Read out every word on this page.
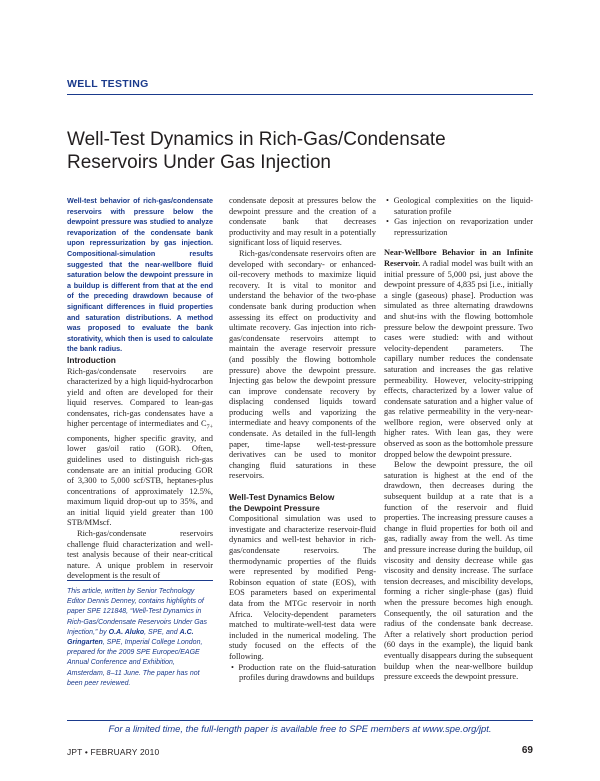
WELL TESTING
Well-Test Dynamics in Rich-Gas/Condensate
Reservoirs Under Gas Injection

Well-test behavior of rich-gas/condensate reservoirs with pressure below the dewpoint pressure was studied to analyze revaporization of the condensate bank upon repressurization by gas injection. Compositional-simulation results suggested that the near-wellbore fluid saturation below the dewpoint pressure in a buildup is different from that at the end of the preceding drawdown because of significant differences in fluid properties and saturation distributions. A method was proposed to evaluate the bank storativity, which then is used to calculate the bank radius.

Introduction

Rich-gas/condensate reservoirs are characterized by a high liquid-hydrocarbon yield and often are developed for their liquid reserves. Compared to lean-gas condensates, rich-gas condensates have a higher percentage of intermediates and $C_{7+}$ components, higher specific gravity, and lower gas/oil ratio (GOR). Often, guidelines used to distinguish rich-gas condensate are an initial producing GOR of 3,300 to 5,000 scf/STB, heptanes-plus concentrations of approximately 12.5%, maximum liquid drop-out up to 35%, and an initial liquid yield greater than 100 STB/MMscf.

Rich-gas/condensate reservoirs challenge fluid characterization and well-test analysis because of their near-critical nature. A unique problem in reservoir development is the result of

This article, written by Senior Technology Editor Dennis Denney, contains highlights of paper SPE 121848, “Well-Test Dynamics in Rich-Gas/Condensate Reservoirs Under Gas Injection,” by O.A. Aluko, SPE, and A.C. Gringarten, SPE, Imperial College London, prepared for the 2009 SPE Europec/EAGE Annual Conference and Exhibition, Amsterdam, 8–11 June. The paper has not been peer reviewed.

condensate deposit at pressures below the dewpoint pressure and the creation of a condensate bank that decreases productivity and may result in a potentially significant loss of liquid reserves.

Rich-gas/condensate reservoirs often are developed with secondary- or enhanced-oil-recovery methods to maximize liquid recovery. It is vital to monitor and understand the behavior of the two-phase condensate bank during production when assessing its effect on productivity and ultimate recovery. Gas injection into rich-gas/condensate reservoirs attempt to maintain the average reservoir pressure (and possibly the flowing bottomhole pressure) above the dewpoint pressure. Injecting gas below the dewpoint pressure can improve condensate recovery by displacing condensed liquids toward producing wells and vaporizing the intermediate and heavy components of the condensate. As detailed in the full-length paper, time-lapse well-test-pressure derivatives can be used to monitor changing fluid saturations in these reservoirs.

Well-Test Dynamics Below
the Dewpoint Pressure

Compositional simulation was used to investigate and characterize reservoir-fluid dynamics and well-test behavior in rich-gas/condensate reservoirs. The thermodynamic properties of the fluids were represented by modified Peng-Robinson equation of state (EOS), with EOS parameters based on experimental data from the MTGc reservoir in north Africa. Velocity-dependent parameters matched to multirate-well-test data were included in the numerical modeling. The study focused on the effects of the following.

• Production rate on the fluid-saturation profiles during drawdowns and buildups

• Geological complexities on the liquid-saturation profile

• Gas injection on revaporization under repressurization

Near-Wellbore Behavior in an Infinite Reservoir. A radial model was built with an initial pressure of 5,000 psi, just above the dewpoint pressure of 4,835 psi [i.e., initially a single (gaseous) phase]. Production was simulated as three alternating drawdowns and shut-ins with the flowing bottomhole pressure below the dewpoint pressure. Two cases were studied: with and without velocity-dependent parameters. The capillary number reduces the condensate saturation and increases the gas relative permeability. However, velocity-stripping effects, characterized by a lower value of condensate saturation and a higher value of gas relative permeability in the very-near-wellbore region, were observed only at higher rates. With lean gas, they were observed as soon as the bottomhole pressure dropped below the dewpoint pressure.

Below the dewpoint pressure, the oil saturation is highest at the end of the drawdown, then decreases during the subsequent buildup at a rate that is a function of the reservoir and fluid properties. The increasing pressure causes a change in fluid properties for both oil and gas, radially away from the well. As time and pressure increase during the buildup, oil viscosity and density decrease while gas viscosity and density increase. The surface tension decreases, and miscibility develops, forming a richer single-phase (gas) fluid when the pressure becomes high enough. Consequently, the oil saturation and the radius of the condensate bank decrease. After a relatively short production period (60 days in the example), the liquid bank eventually disappears during the subsequent buildup when the near-wellbore buildup pressure exceeds the dewpoint pressure.

For a limited time, the full-length paper is available free to SPE members at www.spe.org/jpt.
JPT • FEBRUARY 2010	69
